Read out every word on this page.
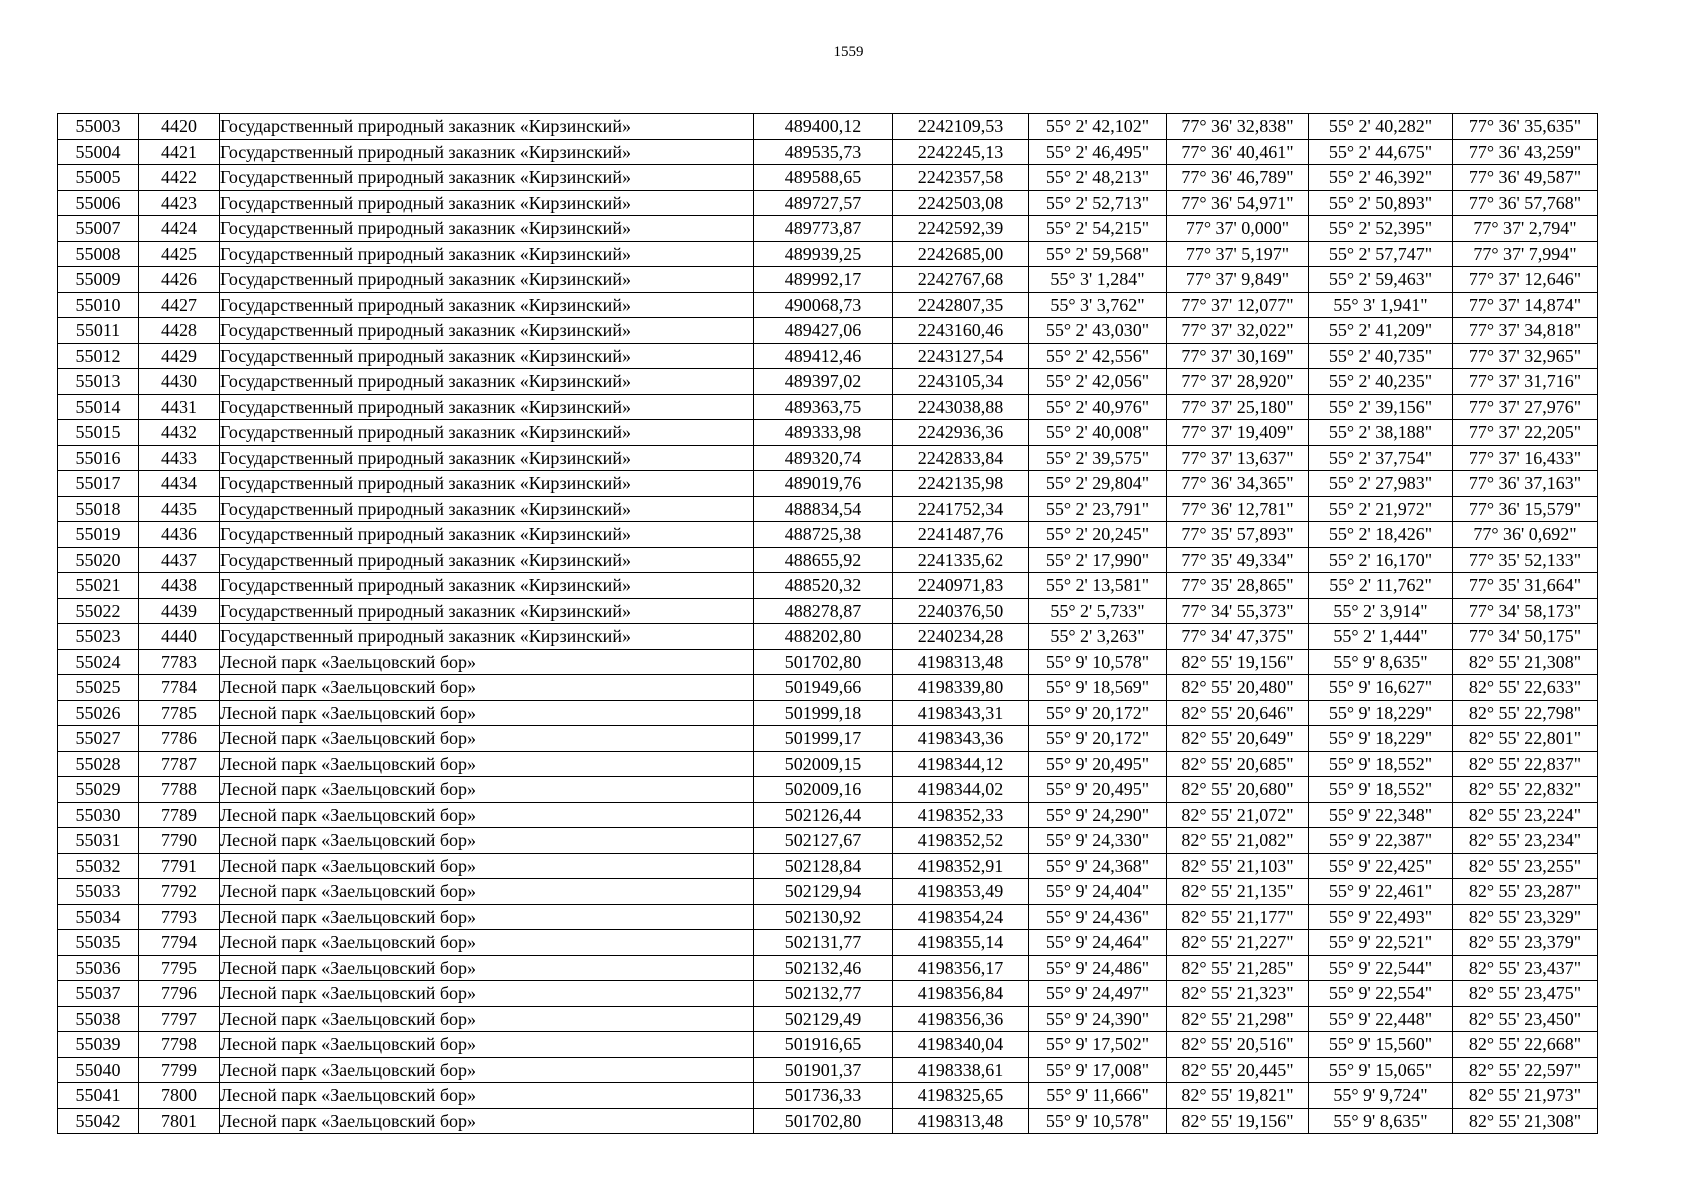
1559
55003	4420	Государственный природный заказник «Кирзинский»	489400,12	2242109,53	55° 2' 42,102"	77° 36' 32,838"	55° 2' 40,282"	77° 36' 35,635"
55004	4421	Государственный природный заказник «Кирзинский»	489535,73	2242245,13	55° 2' 46,495"	77° 36' 40,461"	55° 2' 44,675"	77° 36' 43,259"
55005	4422	Государственный природный заказник «Кирзинский»	489588,65	2242357,58	55° 2' 48,213"	77° 36' 46,789"	55° 2' 46,392"	77° 36' 49,587"
55006	4423	Государственный природный заказник «Кирзинский»	489727,57	2242503,08	55° 2' 52,713"	77° 36' 54,971"	55° 2' 50,893"	77° 36' 57,768"
55007	4424	Государственный природный заказник «Кирзинский»	489773,87	2242592,39	55° 2' 54,215"	77° 37' 0,000"	55° 2' 52,395"	77° 37' 2,794"
55008	4425	Государственный природный заказник «Кирзинский»	489939,25	2242685,00	55° 2' 59,568"	77° 37' 5,197"	55° 2' 57,747"	77° 37' 7,994"
55009	4426	Государственный природный заказник «Кирзинский»	489992,17	2242767,68	55° 3' 1,284"	77° 37' 9,849"	55° 2' 59,463"	77° 37' 12,646"
55010	4427	Государственный природный заказник «Кирзинский»	490068,73	2242807,35	55° 3' 3,762"	77° 37' 12,077"	55° 3' 1,941"	77° 37' 14,874"
55011	4428	Государственный природный заказник «Кирзинский»	489427,06	2243160,46	55° 2' 43,030"	77° 37' 32,022"	55° 2' 41,209"	77° 37' 34,818"
55012	4429	Государственный природный заказник «Кирзинский»	489412,46	2243127,54	55° 2' 42,556"	77° 37' 30,169"	55° 2' 40,735"	77° 37' 32,965"
55013	4430	Государственный природный заказник «Кирзинский»	489397,02	2243105,34	55° 2' 42,056"	77° 37' 28,920"	55° 2' 40,235"	77° 37' 31,716"
55014	4431	Государственный природный заказник «Кирзинский»	489363,75	2243038,88	55° 2' 40,976"	77° 37' 25,180"	55° 2' 39,156"	77° 37' 27,976"
55015	4432	Государственный природный заказник «Кирзинский»	489333,98	2242936,36	55° 2' 40,008"	77° 37' 19,409"	55° 2' 38,188"	77° 37' 22,205"
55016	4433	Государственный природный заказник «Кирзинский»	489320,74	2242833,84	55° 2' 39,575"	77° 37' 13,637"	55° 2' 37,754"	77° 37' 16,433"
55017	4434	Государственный природный заказник «Кирзинский»	489019,76	2242135,98	55° 2' 29,804"	77° 36' 34,365"	55° 2' 27,983"	77° 36' 37,163"
55018	4435	Государственный природный заказник «Кирзинский»	488834,54	2241752,34	55° 2' 23,791"	77° 36' 12,781"	55° 2' 21,972"	77° 36' 15,579"
55019	4436	Государственный природный заказник «Кирзинский»	488725,38	2241487,76	55° 2' 20,245"	77° 35' 57,893"	55° 2' 18,426"	77° 36' 0,692"
55020	4437	Государственный природный заказник «Кирзинский»	488655,92	2241335,62	55° 2' 17,990"	77° 35' 49,334"	55° 2' 16,170"	77° 35' 52,133"
55021	4438	Государственный природный заказник «Кирзинский»	488520,32	2240971,83	55° 2' 13,581"	77° 35' 28,865"	55° 2' 11,762"	77° 35' 31,664"
55022	4439	Государственный природный заказник «Кирзинский»	488278,87	2240376,50	55° 2' 5,733"	77° 34' 55,373"	55° 2' 3,914"	77° 34' 58,173"
55023	4440	Государственный природный заказник «Кирзинский»	488202,80	2240234,28	55° 2' 3,263"	77° 34' 47,375"	55° 2' 1,444"	77° 34' 50,175"
55024	7783	Лесной парк «Заельцовский бор»	501702,80	4198313,48	55° 9' 10,578"	82° 55' 19,156"	55° 9' 8,635"	82° 55' 21,308"
55025	7784	Лесной парк «Заельцовский бор»	501949,66	4198339,80	55° 9' 18,569"	82° 55' 20,480"	55° 9' 16,627"	82° 55' 22,633"
55026	7785	Лесной парк «Заельцовский бор»	501999,18	4198343,31	55° 9' 20,172"	82° 55' 20,646"	55° 9' 18,229"	82° 55' 22,798"
55027	7786	Лесной парк «Заельцовский бор»	501999,17	4198343,36	55° 9' 20,172"	82° 55' 20,649"	55° 9' 18,229"	82° 55' 22,801"
55028	7787	Лесной парк «Заельцовский бор»	502009,15	4198344,12	55° 9' 20,495"	82° 55' 20,685"	55° 9' 18,552"	82° 55' 22,837"
55029	7788	Лесной парк «Заельцовский бор»	502009,16	4198344,02	55° 9' 20,495"	82° 55' 20,680"	55° 9' 18,552"	82° 55' 22,832"
55030	7789	Лесной парк «Заельцовский бор»	502126,44	4198352,33	55° 9' 24,290"	82° 55' 21,072"	55° 9' 22,348"	82° 55' 23,224"
55031	7790	Лесной парк «Заельцовский бор»	502127,67	4198352,52	55° 9' 24,330"	82° 55' 21,082"	55° 9' 22,387"	82° 55' 23,234"
55032	7791	Лесной парк «Заельцовский бор»	502128,84	4198352,91	55° 9' 24,368"	82° 55' 21,103"	55° 9' 22,425"	82° 55' 23,255"
55033	7792	Лесной парк «Заельцовский бор»	502129,94	4198353,49	55° 9' 24,404"	82° 55' 21,135"	55° 9' 22,461"	82° 55' 23,287"
55034	7793	Лесной парк «Заельцовский бор»	502130,92	4198354,24	55° 9' 24,436"	82° 55' 21,177"	55° 9' 22,493"	82° 55' 23,329"
55035	7794	Лесной парк «Заельцовский бор»	502131,77	4198355,14	55° 9' 24,464"	82° 55' 21,227"	55° 9' 22,521"	82° 55' 23,379"
55036	7795	Лесной парк «Заельцовский бор»	502132,46	4198356,17	55° 9' 24,486"	82° 55' 21,285"	55° 9' 22,544"	82° 55' 23,437"
55037	7796	Лесной парк «Заельцовский бор»	502132,77	4198356,84	55° 9' 24,497"	82° 55' 21,323"	55° 9' 22,554"	82° 55' 23,475"
55038	7797	Лесной парк «Заельцовский бор»	502129,49	4198356,36	55° 9' 24,390"	82° 55' 21,298"	55° 9' 22,448"	82° 55' 23,450"
55039	7798	Лесной парк «Заельцовский бор»	501916,65	4198340,04	55° 9' 17,502"	82° 55' 20,516"	55° 9' 15,560"	82° 55' 22,668"
55040	7799	Лесной парк «Заельцовский бор»	501901,37	4198338,61	55° 9' 17,008"	82° 55' 20,445"	55° 9' 15,065"	82° 55' 22,597"
55041	7800	Лесной парк «Заельцовский бор»	501736,33	4198325,65	55° 9' 11,666"	82° 55' 19,821"	55° 9' 9,724"	82° 55' 21,973"
55042	7801	Лесной парк «Заельцовский бор»	501702,80	4198313,48	55° 9' 10,578"	82° 55' 19,156"	55° 9' 8,635"	82° 55' 21,308"
